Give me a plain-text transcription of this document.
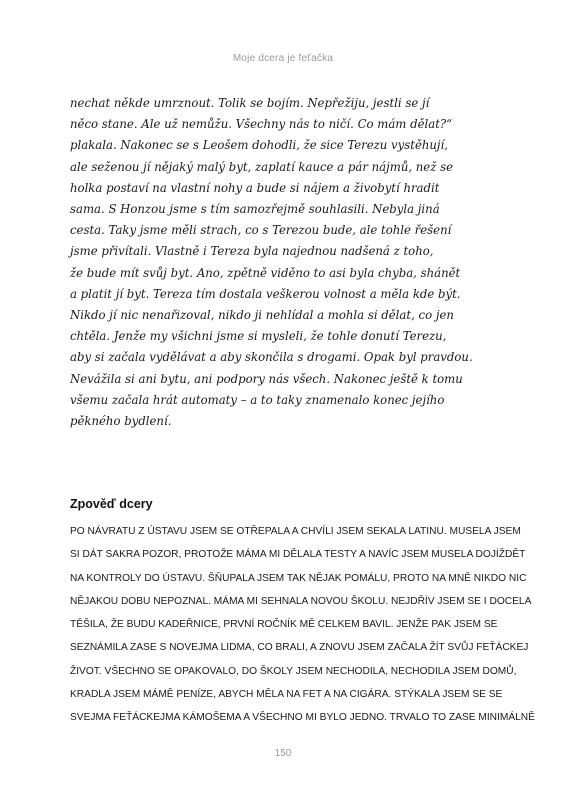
Moje dcera je feťačka
nechat někde umrznout. Tolik se bojím. Nepřežiju, jestli se jí
něco stane. Ale už nemůžu. Všechny nás to ničí. Co mám dělat?“
plakala. Nakonec se s Leošem dohodli, že sice Terezu vystěhují,
ale seženou jí nějaký malý byt, zaplatí kauce a pár nájmů, než se
holka postaví na vlastní nohy a bude si nájem a živobytí hradit
sama. S Honzou jsme s tím samozřejmě souhlasili. Nebyla jiná
cesta. Taky jsme měli strach, co s Terezou bude, ale tohle řešení
jsme přivítali. Vlastně i Tereza byla najednou nadšená z toho,
že bude mít svůj byt. Ano, zpětně viděno to asi byla chyba, shánět
a platit jí byt. Tereza tím dostala veškerou volnost a měla kde být.
Nikdo jí nic nenařizoval, nikdo ji nehlídal a mohla si dělat, co jen
chtěla. Jenže my všichni jsme si mysleli, že tohle donutí Terezu,
aby si začala vydělávat a aby skončila s drogami. Opak byl pravdou.
Nevážila si ani bytu, ani podpory nás všech. Nakonec ještě k tomu
všemu začala hrát automaty – a to taky znamenalo konec jejího
pěkného bydlení.
Zpověď dcery
PO NÁVRATU Z ÚSTAVU JSEM SE OTŘEPALA A CHVÍLI JSEM SEKALA LATINU. MUSELA JSEM
SI DÁT SAKRA POZOR, PROTOŽE MÁMA MI DĚLALA TESTY A NAVÍC JSEM MUSELA DOJÍŽDĚT
NA KONTROLY DO ÚSTAVU. ŠŇUPALA JSEM TAK NĚJAK POMÁLU, PROTO NA MNĚ NIKDO NIC
NĚJAKOU DOBU NEPOZNAL. MÁMA MI SEHNALA NOVOU ŠKOLU. NEJDŘÍV JSEM SE I DOCELA
TĚŠILA, ŽE BUDU KADEŘNICE, PRVNÍ ROČNÍK MĚ CELKEM BAVIL. JENŽE PAK JSEM SE
SEZNÁMILA ZASE S NOVEJMA LIDMA, CO BRALI, A ZNOVU JSEM ZAČALA ŽÍT SVŮJ FEŤÁCKEJ
ŽIVOT. VŠECHNO SE OPAKOVALO, DO ŠKOLY JSEM NECHODILA, NECHODILA JSEM DOMŮ,
KRADLA JSEM MÁMĚ PENÍZE, ABYCH MĚLA NA FET A NA CIGÁRA. STÝKALA JSEM SE SE
SVEJMA FEŤÁCKEJMA KÁMOŠEMA A VŠECHNO MI BYLO JEDNO. TRVALO TO ZASE MINIMÁLNĚ
150
